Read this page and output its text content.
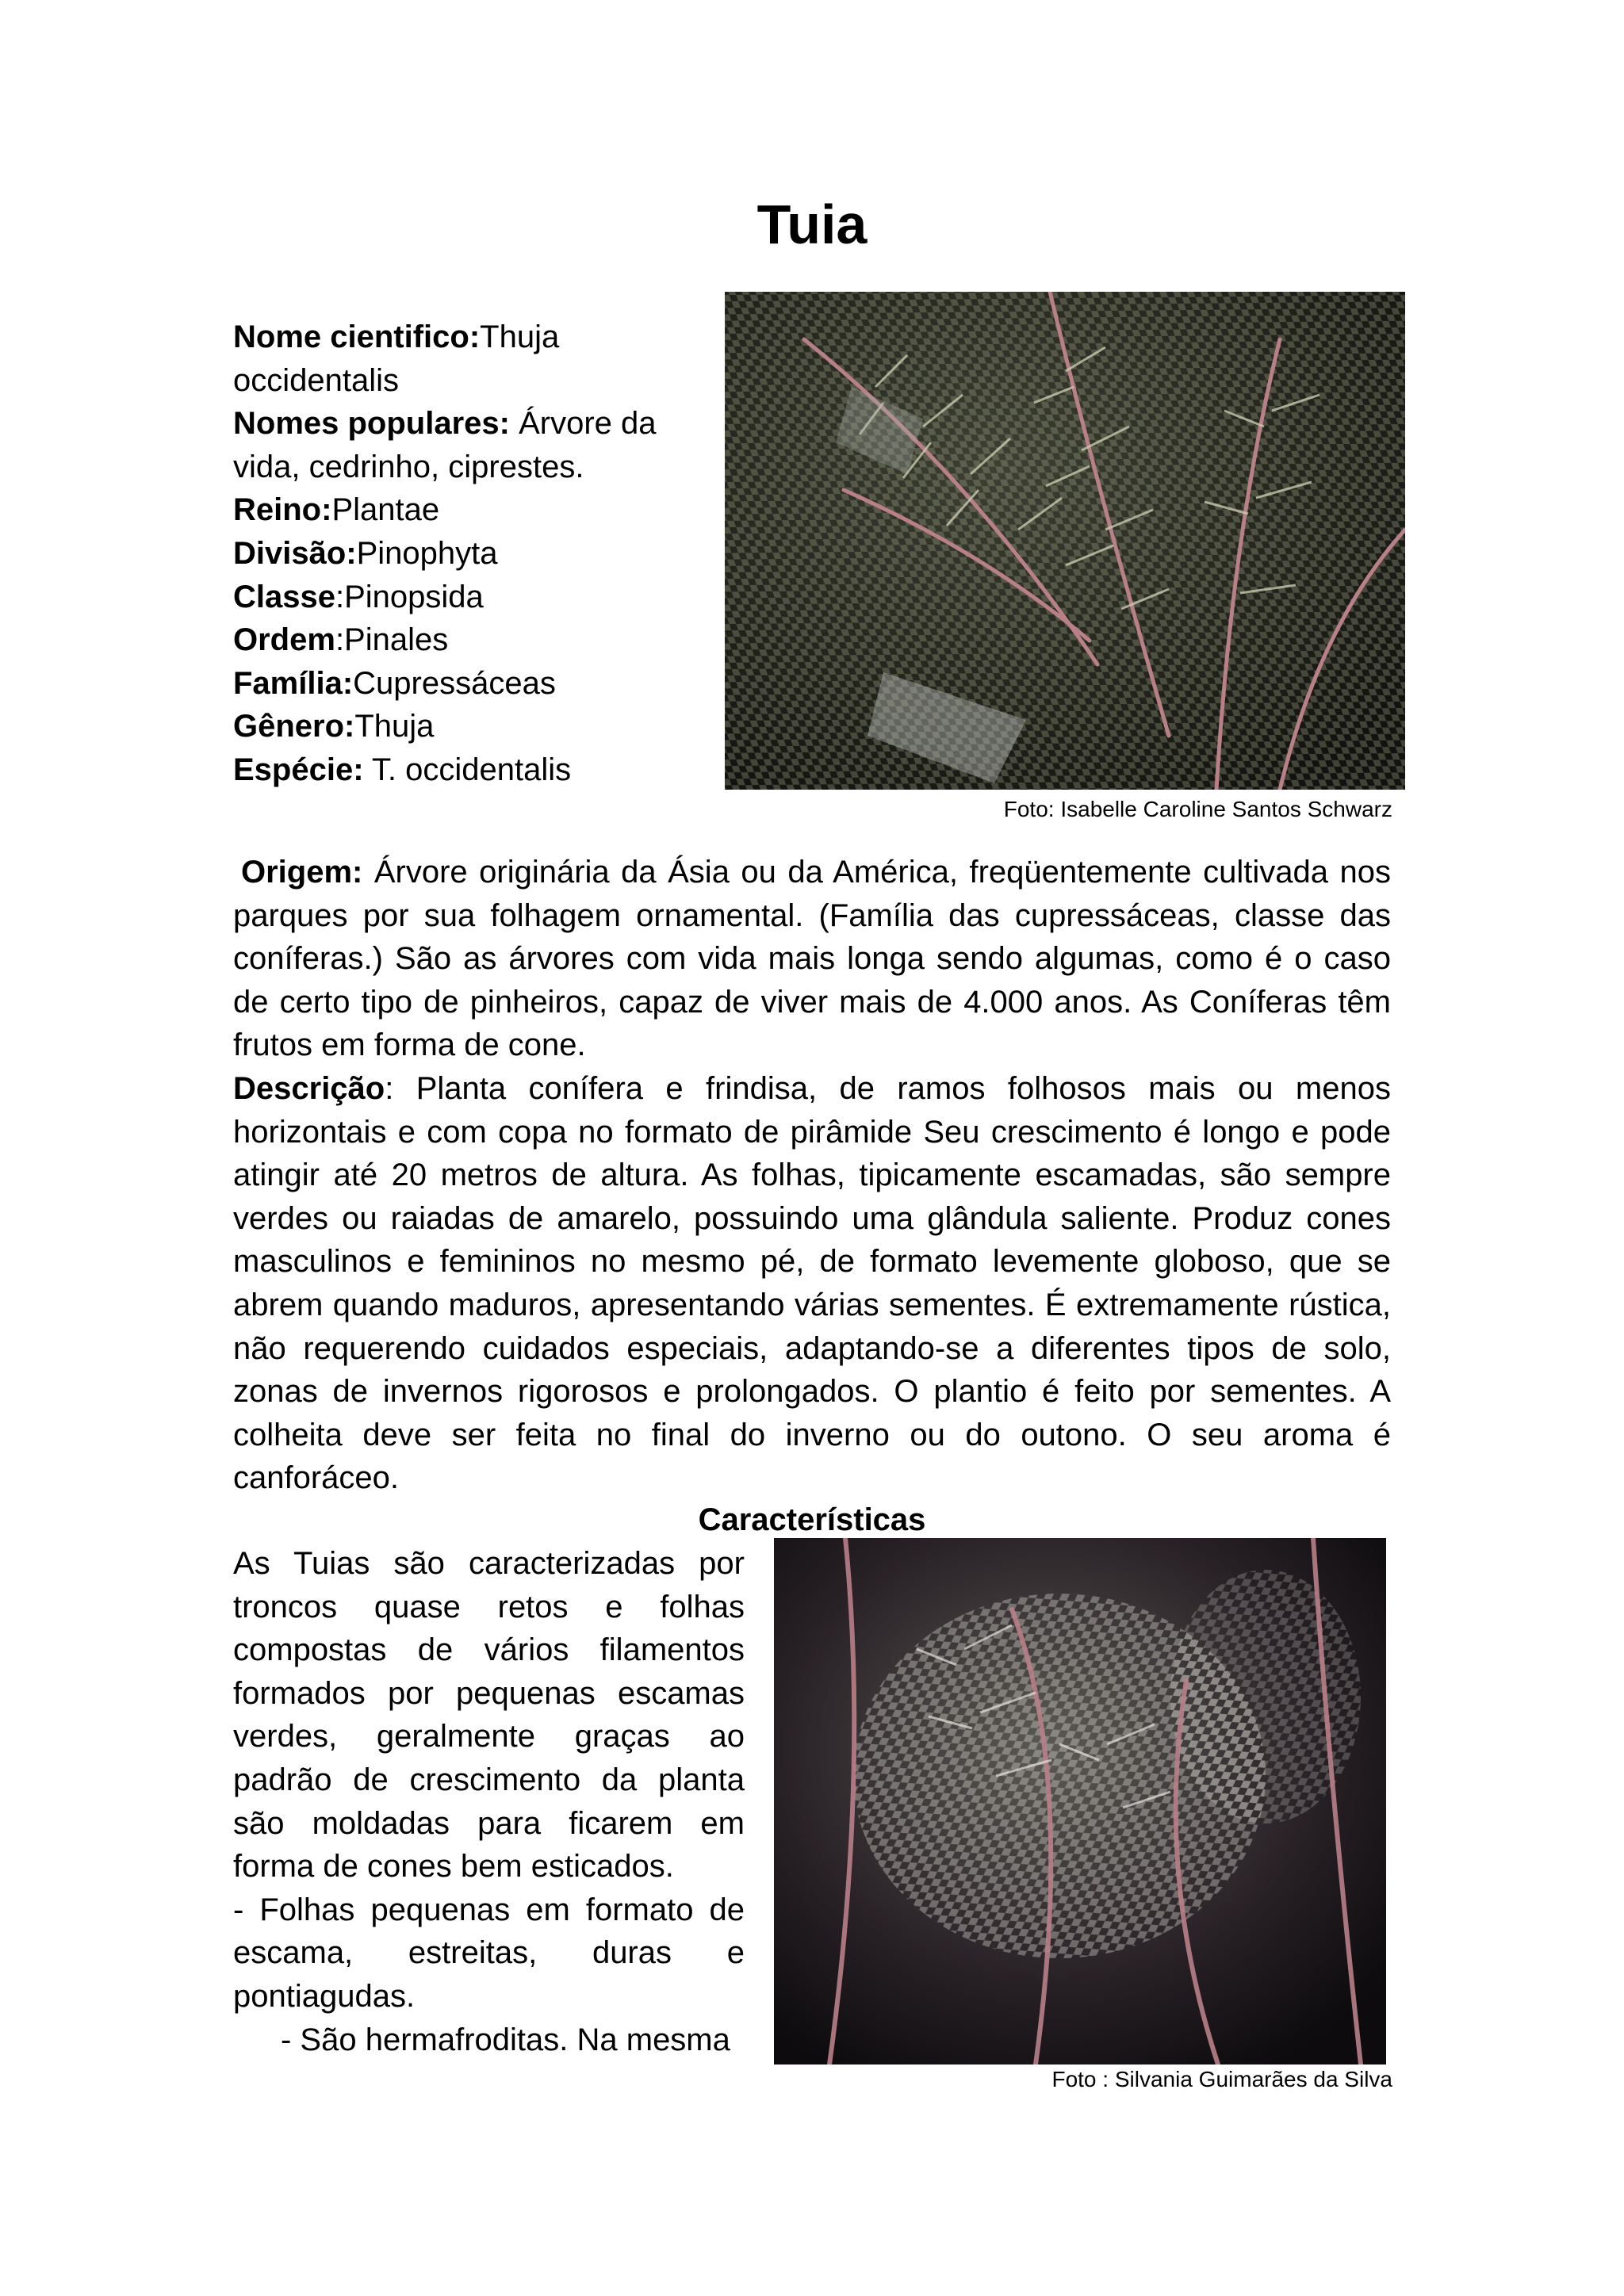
Tuia
Nome cientifico:Thuja occidentalis
Nomes populares: Árvore da vida, cedrinho, ciprestes.
Reino:Plantae
Divisão:Pinophyta
Classe:Pinopsida
Ordem:Pinales
Família:Cupressáceas
Gênero:Thuja
Espécie: T. occidentalis
Foto: Isabelle Caroline Santos Schwarz

Origem: Árvore originária da Ásia ou da América, freqüentemente cultivada nos parques por sua folhagem ornamental. (Família das cupressáceas, classe das coníferas.) São as árvores com vida mais longa sendo algumas, como é o caso de certo tipo de pinheiros, capaz de viver mais de 4.000 anos. As Coníferas têm frutos em forma de cone.

Descrição: Planta conífera e frindisa, de ramos folhosos mais ou menos horizontais e com copa no formato de pirâmide Seu crescimento é longo e pode atingir até 20 metros de altura. As folhas, tipicamente escamadas, são sempre verdes ou raiadas de amarelo, possuindo uma glândula saliente. Produz cones masculinos e femininos no mesmo pé, de formato levemente globoso, que se abrem quando maduros, apresentando várias sementes. É extremamente rústica, não requerendo cuidados especiais, adaptando-se a diferentes tipos de solo, zonas de invernos rigorosos e prolongados. O plantio é feito por sementes. A colheita deve ser feita no final do inverno ou do outono. O seu aroma é canforáceo.

Características

As Tuias são caracterizadas por troncos quase retos e folhas compostas de vários filamentos formados por pequenas escamas verdes, geralmente graças ao padrão de crescimento da planta são moldadas para ficarem em forma de cones bem esticados.

- Folhas pequenas em formato de escama, estreitas, duras e pontiagudas.

- São hermafroditas. Na mesma

Foto : Silvania Guimarães da Silva
